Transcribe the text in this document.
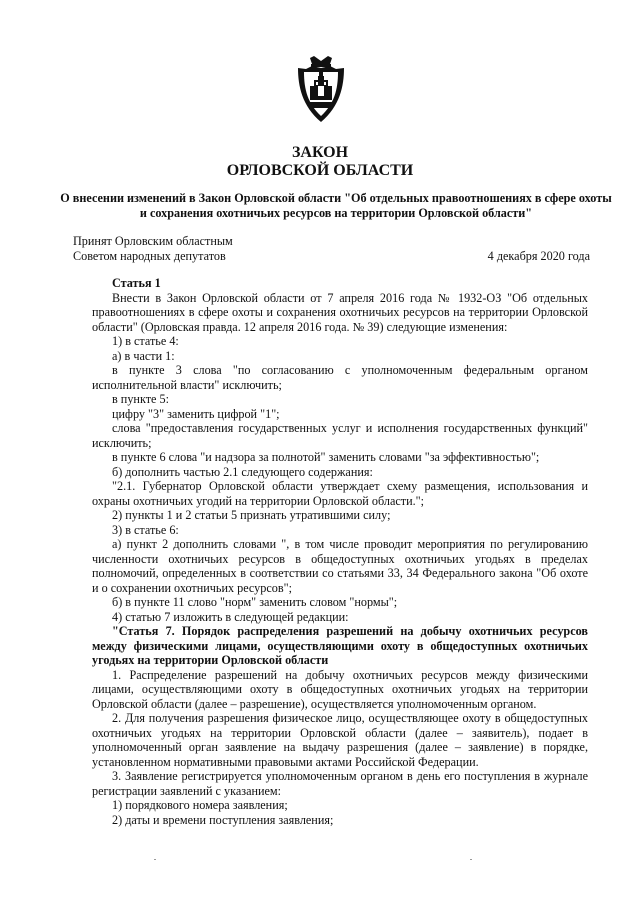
ЗАКОН
ОРЛОВСКОЙ ОБЛАСТИ

О внесении изменений в Закон Орловской области "Об отдельных правоотношениях в сфере охоты и сохранения охотничьих ресурсов на территории Орловской области"

Принят Орловским областным
Советом народных депутатов	4 декабря 2020 года

Статья 1

Внести в Закон Орловской области от 7 апреля 2016 года № 1932-ОЗ "Об отдельных правоотношениях в сфере охоты и сохранения охотничьих ресурсов на территории Орловской области" (Орловская правда. 12 апреля 2016 года. № 39) следующие изменения:

1) в статье 4:

а) в части 1:

в пункте 3 слова "по согласованию с уполномоченным федеральным органом исполнительной власти" исключить;

в пункте 5:

цифру "3" заменить цифрой "1";

слова "предоставления государственных услуг и исполнения государственных функций" исключить;

в пункте 6 слова "и надзора за полнотой" заменить словами "за эффективностью";

б) дополнить частью 2.1 следующего содержания:

"2.1. Губернатор Орловской области утверждает схему размещения, использования и охраны охотничьих угодий на территории Орловской области.";

2) пункты 1 и 2 статьи 5 признать утратившими силу;

3) в статье 6:

а) пункт 2 дополнить словами ", в том числе проводит мероприятия по регулированию численности охотничьих ресурсов в общедоступных охотничьих угодьях в пределах полномочий, определенных в соответствии со статьями 33, 34 Федерального закона "Об охоте и о сохранении охотничьих ресурсов";

б) в пункте 11 слово "норм" заменить словом "нормы";

4) статью 7 изложить в следующей редакции:

"Статья 7. Порядок распределения разрешений на добычу охотничьих ресурсов между физическими лицами, осуществляющими охоту в общедоступных охотничьих угодьях на территории Орловской области

1. Распределение разрешений на добычу охотничьих ресурсов между физическими лицами, осуществляющими охоту в общедоступных охотничьих угодьях на территории Орловской области (далее – разрешение), осуществляется уполномоченным органом.

2. Для получения разрешения физическое лицо, осуществляющее охоту в общедоступных охотничьих угодьях на территории Орловской области (далее – заявитель), подает в уполномоченный орган заявление на выдачу разрешения (далее – заявление) в порядке, установленном нормативными правовыми актами Российской Федерации.

3. Заявление регистрируется уполномоченным органом в день его поступления в журнале регистрации заявлений с указанием:

1) порядкового номера заявления;

2) даты и времени поступления заявления;
